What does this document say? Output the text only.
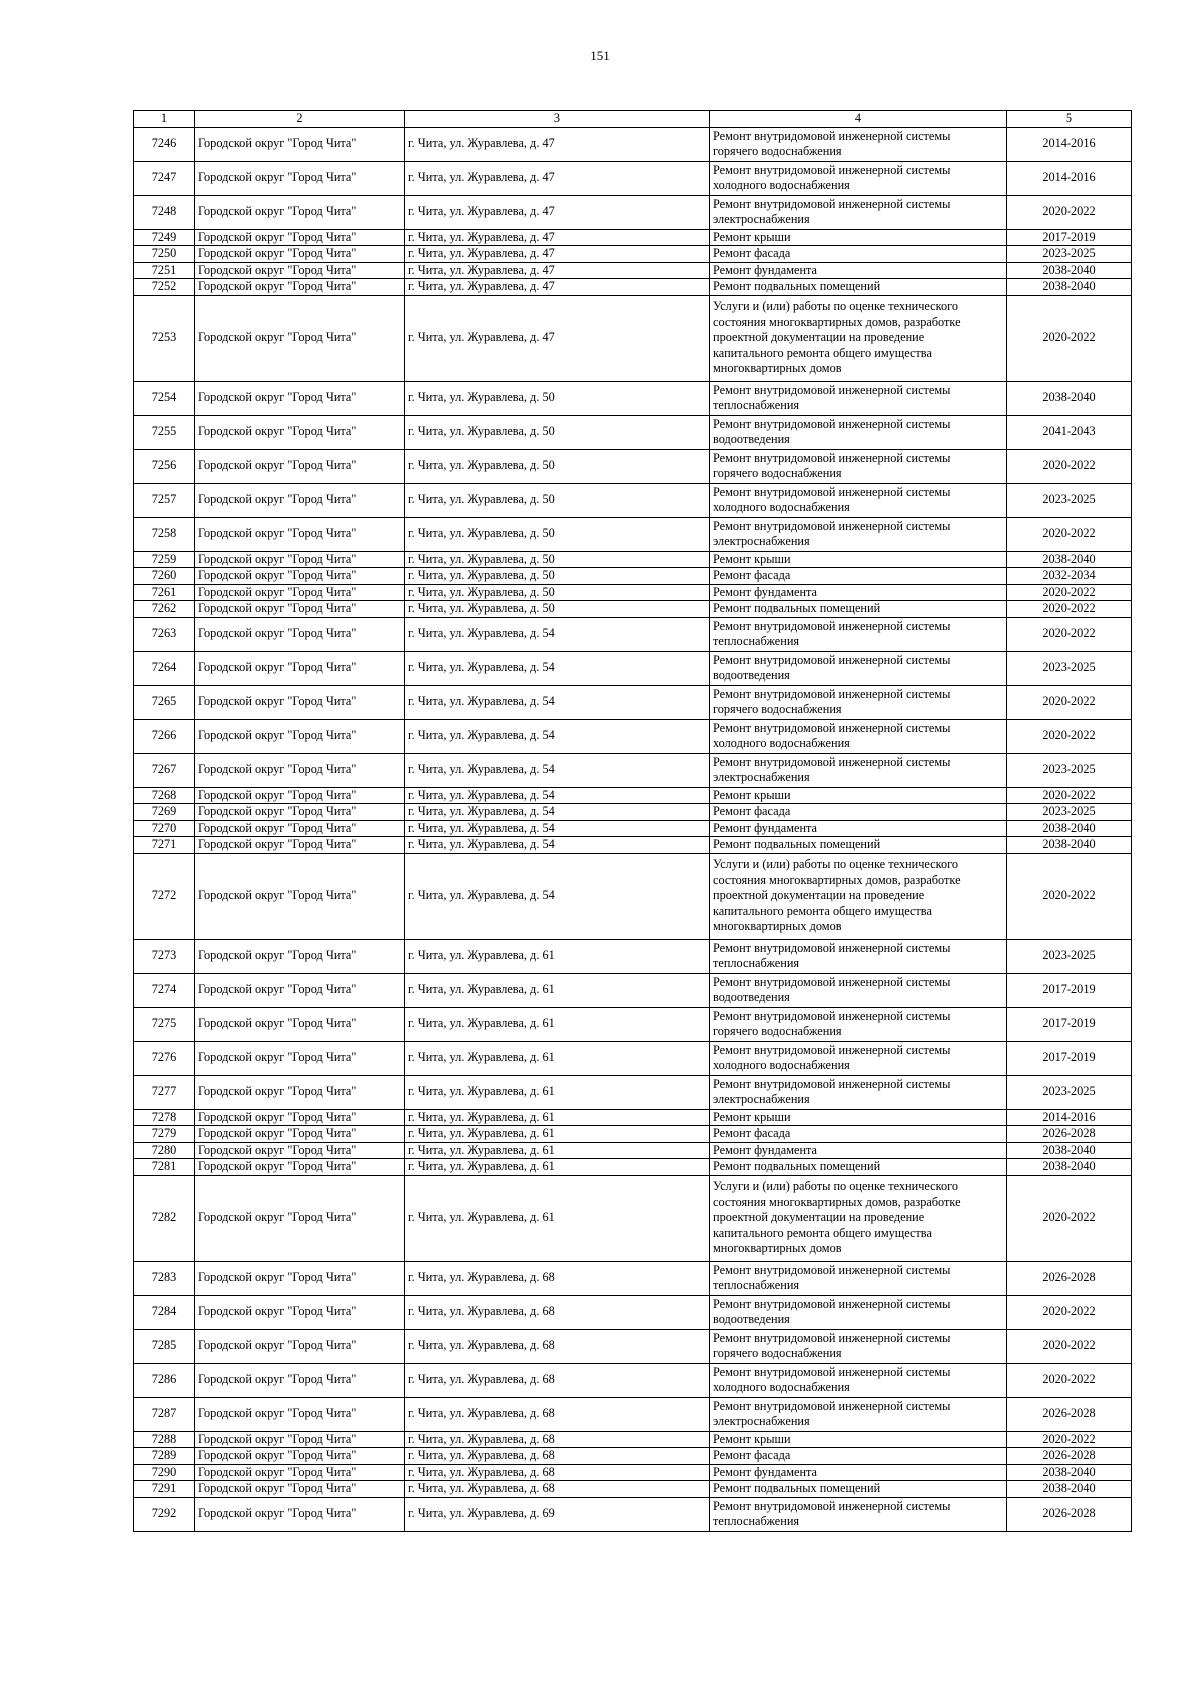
151
1	2	3	4	5
7246	Городской округ "Город Чита"	г. Чита, ул. Журавлева, д. 47	Ремонт внутридомовой инженерной системы
горячего водоснабжения	2014-2016
7247	Городской округ "Город Чита"	г. Чита, ул. Журавлева, д. 47	Ремонт внутридомовой инженерной системы
холодного водоснабжения	2014-2016
7248	Городской округ "Город Чита"	г. Чита, ул. Журавлева, д. 47	Ремонт внутридомовой инженерной системы
электроснабжения	2020-2022
7249	Городской округ "Город Чита"	г. Чита, ул. Журавлева, д. 47	Ремонт крыши	2017-2019
7250	Городской округ "Город Чита"	г. Чита, ул. Журавлева, д. 47	Ремонт фасада	2023-2025
7251	Городской округ "Город Чита"	г. Чита, ул. Журавлева, д. 47	Ремонт фундамента	2038-2040
7252	Городской округ "Город Чита"	г. Чита, ул. Журавлева, д. 47	Ремонт подвальных помещений	2038-2040
7253	Городской округ "Город Чита"	г. Чита, ул. Журавлева, д. 47	Услуги и (или) работы по оценке технического
состояния многоквартирных домов, разработке
проектной документации на проведение
капитального ремонта общего имущества
многоквартирных домов	2020-2022
7254	Городской округ "Город Чита"	г. Чита, ул. Журавлева, д. 50	Ремонт внутридомовой инженерной системы
теплоснабжения	2038-2040
7255	Городской округ "Город Чита"	г. Чита, ул. Журавлева, д. 50	Ремонт внутридомовой инженерной системы
водоотведения	2041-2043
7256	Городской округ "Город Чита"	г. Чита, ул. Журавлева, д. 50	Ремонт внутридомовой инженерной системы
горячего водоснабжения	2020-2022
7257	Городской округ "Город Чита"	г. Чита, ул. Журавлева, д. 50	Ремонт внутридомовой инженерной системы
холодного водоснабжения	2023-2025
7258	Городской округ "Город Чита"	г. Чита, ул. Журавлева, д. 50	Ремонт внутридомовой инженерной системы
электроснабжения	2020-2022
7259	Городской округ "Город Чита"	г. Чита, ул. Журавлева, д. 50	Ремонт крыши	2038-2040
7260	Городской округ "Город Чита"	г. Чита, ул. Журавлева, д. 50	Ремонт фасада	2032-2034
7261	Городской округ "Город Чита"	г. Чита, ул. Журавлева, д. 50	Ремонт фундамента	2020-2022
7262	Городской округ "Город Чита"	г. Чита, ул. Журавлева, д. 50	Ремонт подвальных помещений	2020-2022
7263	Городской округ "Город Чита"	г. Чита, ул. Журавлева, д. 54	Ремонт внутридомовой инженерной системы
теплоснабжения	2020-2022
7264	Городской округ "Город Чита"	г. Чита, ул. Журавлева, д. 54	Ремонт внутридомовой инженерной системы
водоотведения	2023-2025
7265	Городской округ "Город Чита"	г. Чита, ул. Журавлева, д. 54	Ремонт внутридомовой инженерной системы
горячего водоснабжения	2020-2022
7266	Городской округ "Город Чита"	г. Чита, ул. Журавлева, д. 54	Ремонт внутридомовой инженерной системы
холодного водоснабжения	2020-2022
7267	Городской округ "Город Чита"	г. Чита, ул. Журавлева, д. 54	Ремонт внутридомовой инженерной системы
электроснабжения	2023-2025
7268	Городской округ "Город Чита"	г. Чита, ул. Журавлева, д. 54	Ремонт крыши	2020-2022
7269	Городской округ "Город Чита"	г. Чита, ул. Журавлева, д. 54	Ремонт фасада	2023-2025
7270	Городской округ "Город Чита"	г. Чита, ул. Журавлева, д. 54	Ремонт фундамента	2038-2040
7271	Городской округ "Город Чита"	г. Чита, ул. Журавлева, д. 54	Ремонт подвальных помещений	2038-2040
7272	Городской округ "Город Чита"	г. Чита, ул. Журавлева, д. 54	Услуги и (или) работы по оценке технического
состояния многоквартирных домов, разработке
проектной документации на проведение
капитального ремонта общего имущества
многоквартирных домов	2020-2022
7273	Городской округ "Город Чита"	г. Чита, ул. Журавлева, д. 61	Ремонт внутридомовой инженерной системы
теплоснабжения	2023-2025
7274	Городской округ "Город Чита"	г. Чита, ул. Журавлева, д. 61	Ремонт внутридомовой инженерной системы
водоотведения	2017-2019
7275	Городской округ "Город Чита"	г. Чита, ул. Журавлева, д. 61	Ремонт внутридомовой инженерной системы
горячего водоснабжения	2017-2019
7276	Городской округ "Город Чита"	г. Чита, ул. Журавлева, д. 61	Ремонт внутридомовой инженерной системы
холодного водоснабжения	2017-2019
7277	Городской округ "Город Чита"	г. Чита, ул. Журавлева, д. 61	Ремонт внутридомовой инженерной системы
электроснабжения	2023-2025
7278	Городской округ "Город Чита"	г. Чита, ул. Журавлева, д. 61	Ремонт крыши	2014-2016
7279	Городской округ "Город Чита"	г. Чита, ул. Журавлева, д. 61	Ремонт фасада	2026-2028
7280	Городской округ "Город Чита"	г. Чита, ул. Журавлева, д. 61	Ремонт фундамента	2038-2040
7281	Городской округ "Город Чита"	г. Чита, ул. Журавлева, д. 61	Ремонт подвальных помещений	2038-2040
7282	Городской округ "Город Чита"	г. Чита, ул. Журавлева, д. 61	Услуги и (или) работы по оценке технического
состояния многоквартирных домов, разработке
проектной документации на проведение
капитального ремонта общего имущества
многоквартирных домов	2020-2022
7283	Городской округ "Город Чита"	г. Чита, ул. Журавлева, д. 68	Ремонт внутридомовой инженерной системы
теплоснабжения	2026-2028
7284	Городской округ "Город Чита"	г. Чита, ул. Журавлева, д. 68	Ремонт внутридомовой инженерной системы
водоотведения	2020-2022
7285	Городской округ "Город Чита"	г. Чита, ул. Журавлева, д. 68	Ремонт внутридомовой инженерной системы
горячего водоснабжения	2020-2022
7286	Городской округ "Город Чита"	г. Чита, ул. Журавлева, д. 68	Ремонт внутридомовой инженерной системы
холодного водоснабжения	2020-2022
7287	Городской округ "Город Чита"	г. Чита, ул. Журавлева, д. 68	Ремонт внутридомовой инженерной системы
электроснабжения	2026-2028
7288	Городской округ "Город Чита"	г. Чита, ул. Журавлева, д. 68	Ремонт крыши	2020-2022
7289	Городской округ "Город Чита"	г. Чита, ул. Журавлева, д. 68	Ремонт фасада	2026-2028
7290	Городской округ "Город Чита"	г. Чита, ул. Журавлева, д. 68	Ремонт фундамента	2038-2040
7291	Городской округ "Город Чита"	г. Чита, ул. Журавлева, д. 68	Ремонт подвальных помещений	2038-2040
7292	Городской округ "Город Чита"	г. Чита, ул. Журавлева, д. 69	Ремонт внутридомовой инженерной системы
теплоснабжения	2026-2028
